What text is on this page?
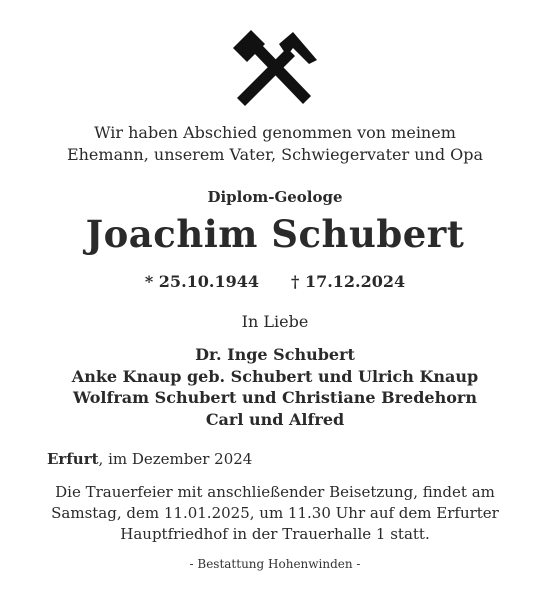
Wir haben Abschied genommen von meinem
Ehemann, unserem Vater, Schwiegervater und Opa
Diplom-Geologe
Joachim Schubert
* 25.10.1944 † 17.12.2024
In Liebe
Dr. Inge Schubert
Anke Knaup geb. Schubert und Ulrich Knaup
Wolfram Schubert und Christiane Bredehorn
Carl und Alfred
Erfurt, im Dezember 2024
Die Trauerfeier mit anschließender Beisetzung, findet am
Samstag, dem 11.01.2025, um 11.30 Uhr auf dem Erfurter
Hauptfriedhof in der Trauerhalle 1 statt.
- Bestattung Hohenwinden -
